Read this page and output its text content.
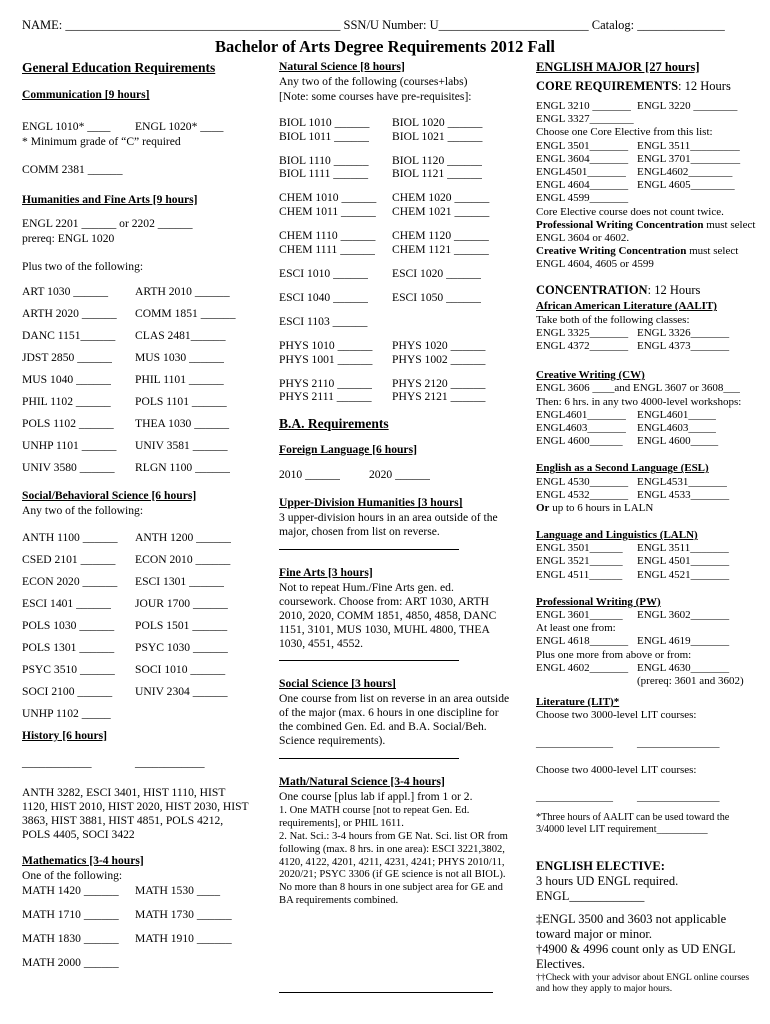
NAME: ____________________________________________ SSN/U Number: U________________________ Catalog: ______________
Bachelor of Arts Degree Requirements 2012 Fall
General Education Requirements
Communication [9 hours]
ENGL 1010* ____	ENGL 1020* ____
* Minimum grade of “C” required
COMM 2381 ______
Humanities and Fine Arts [9 hours]
ENGL 2201 ______ or 2202 ______
prereq: ENGL 1020
Plus two of the following:
ART 1030 ______	ARTH 2010 ______
ARTH 2020 ______	COMM 1851 ______
DANC 1151______	CLAS 2481______
JDST 2850 ______	MUS 1030 ______
MUS 1040 ______	PHIL 1101 ______
PHIL 1102 ______	POLS 1101 ______
POLS 1102 ______	THEA 1030 ______
UNHP 1101 ______	UNIV 3581 ______
UNIV 3580 ______	RLGN 1100 ______
Social/Behavioral Science [6 hours]
Any two of the following:
ANTH 1100 ______	ANTH 1200 ______
CSED 2101 ______	ECON 2010 ______
ECON 2020 ______	ESCI 1301 ______
ESCI 1401 ______	JOUR 1700 ______
POLS 1030 ______	POLS 1501 ______
POLS 1301 ______	PSYC 1030 ______
PSYC 3510 ______	SOCI 1010 ______
SOCI 2100 ______	UNIV 2304 ______
UNHP 1102 _____
History [6 hours]
____________	____________
ANTH 3282, ESCI 3401, HIST 1110, HIST 1120, HIST 2010, HIST 2020, HIST 2030, HIST 3863, HIST 3881, HIST 4851, POLS 4212, POLS 4405, SOCI 3422
Mathematics [3-4 hours]
One of the following:
MATH 1420 ______	MATH 1530 ____
MATH 1710 ______	MATH 1730 ______
MATH 1830 ______	MATH 1910 ______
MATH 2000 ______
Natural Science [8 hours]
Any two of the following (courses+labs)
[Note: some courses have pre-requisites]:
BIOL 1010 ______	BIOL 1020 ______
BIOL 1011 ______	BIOL 1021 ______
BIOL 1110 ______	BIOL 1120 ______
BIOL 1111 ______	BIOL 1121 ______
CHEM 1010 ______	CHEM 1020 ______
CHEM 1011 ______	CHEM 1021 ______
CHEM 1110 ______	CHEM 1120 ______
CHEM 1111 ______	CHEM 1121 ______
ESCI 1010 ______	ESCI 1020 ______
ESCI 1040 ______	ESCI 1050 ______
ESCI 1103 ______
PHYS 1010 ______	PHYS 1020 ______
PHYS 1001 ______	PHYS 1002 ______
PHYS 2110 ______	PHYS 2120 ______
PHYS 2111 ______	PHYS 2121 ______
B.A. Requirements
Foreign Language [6 hours]
2010 ______	2020 ______
Upper-Division Humanities [3 hours]
3 upper-division hours in an area outside of the major, chosen from list on reverse.
Fine Arts [3 hours]
Not to repeat Hum./Fine Arts gen. ed. coursework. Choose from: ART 1030, ARTH 2010, 2020, COMM 1851, 4850, 4858, DANC 1151, 3101, MUS 1030, MUHL 4800, THEA 1030, 4551, 4552.
Social Science [3 hours]
One course from list on reverse in an area outside of the major (max. 6 hours in one discipline for the combined Gen. Ed. and B.A. Social/Beh. Science requirements).
Math/Natural Science [3-4 hours]
One course [plus lab if appl.] from 1 or 2.
1. One MATH course [not to repeat Gen. Ed. requirements], or PHIL 1611.
2. Nat. Sci.: 3-4 hours from GE Nat. Sci. list OR from following (max. 8 hrs. in one area): ESCI 3221,3802, 4120, 4122, 4201, 4211, 4231, 4241; PHYS 2010/11, 2020/21; PSYC 3306 (if GE science is not all BIOL). No more than 8 hours in one subject area for GE and BA requirements combined.
ENGLISH MAJOR [27 hours]
CORE REQUIREMENTS: 12 Hours
ENGL 3210 _______ ENGL 3220 ________
ENGL 3327________
Choose one Core Elective from this list:
ENGL 3501_______ ENGL 3511_________
ENGL 3604_______ ENGL 3701_________
ENGL4501_______	ENGL4602________
ENGL 4604_______ ENGL 4605________
ENGL 4599_______
Core Elective course does not count twice.
Professional Writing Concentration must select ENGL 3604 or 4602.
Creative Writing Concentration must select ENGL 4604, 4605 or 4599
CONCENTRATION: 12 Hours
African American Literature (AALIT)
Take both of the following classes:
ENGL 3325_______ ENGL 3326_______
ENGL 4372_______ ENGL 4373_______
Creative Writing (CW)
ENGL 3606 ____and ENGL 3607 or 3608___
Then: 6 hrs. in any two 4000-level workshops:
ENGL4601_______	ENGL4601_____
ENGL4603_______	ENGL4603_____
ENGL 4600______	ENGL 4600_____
English as a Second Language (ESL)
ENGL 4530_______ ENGL4531_______
ENGL 4532_______ ENGL 4533_______
Or up to 6 hours in LALN
Language and Linguistics (LALN)
ENGL 3501______	ENGL 3511_______
ENGL 3521______	ENGL 4501_______
ENGL 4511______	ENGL 4521_______
Professional Writing (PW)
ENGL 3601______	ENGL 3602_______
At least one from:
ENGL 4618_______ ENGL 4619_______
Plus one more from above or from:
ENGL 4602_______ ENGL 4630_______
(prereq: 3601 and 3602)
Literature (LIT)*
Choose two 3000-level LIT courses:
______________	_______________
Choose two 4000-level LIT courses:
______________	_______________
*Three hours of AALIT can be used toward the 3/4000 level LIT requirement__________
ENGLISH ELECTIVE:
3 hours UD ENGL required.
ENGL____________
‡ENGL 3500 and 3603 not applicable toward major or minor.
†4900 & 4996 count only as UD ENGL Electives.
††Check with your advisor about ENGL online courses and how they apply to major hours.
